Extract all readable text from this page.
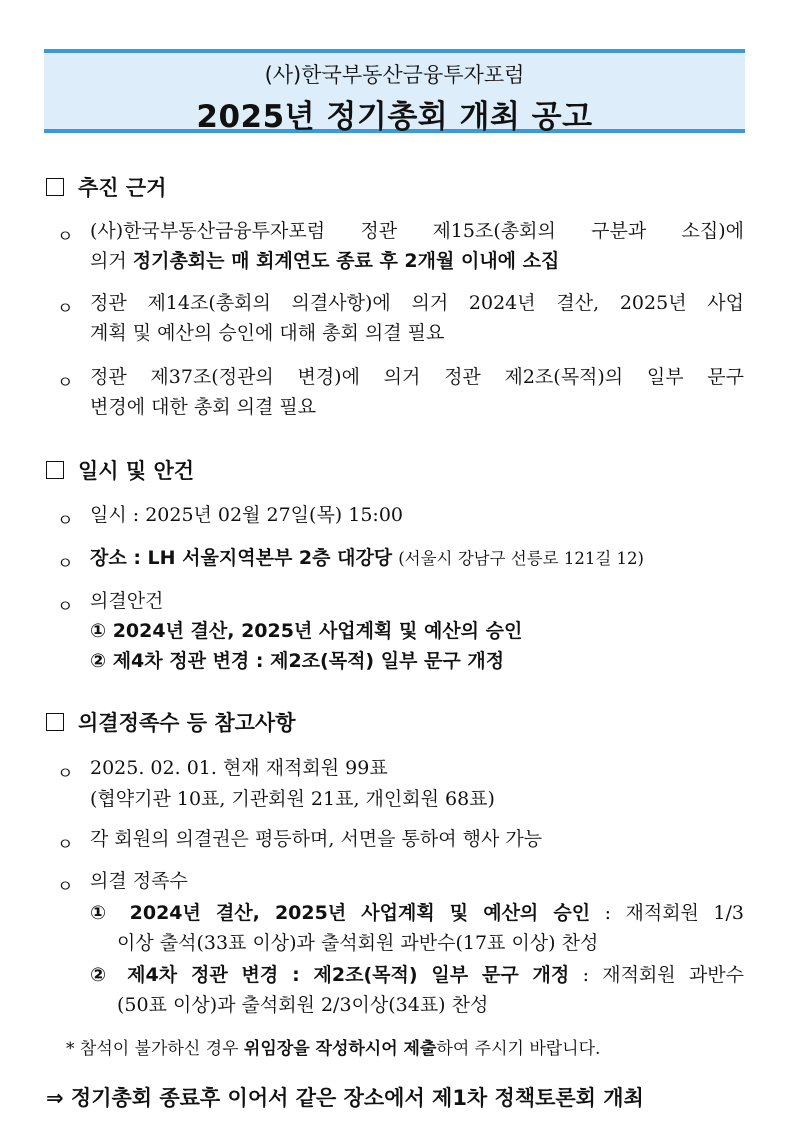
(사)한국부동산금융투자포럼
2025년 정기총회 개최 공고
추진 근거
ㅇ (사)한국부동산금융투자포럼 정관 제15조(총회의 구분과 소집)에
의거 정기총회는 매 회계연도 종료 후 2개월 이내에 소집
ㅇ 정관 제14조(총회의 의결사항)에 의거 2024년 결산, 2025년 사업
계획 및 예산의 승인에 대해 총회 의결 필요
ㅇ 정관 제37조(정관의 변경)에 의거 정관 제2조(목적)의 일부 문구
변경에 대한 총회 의결 필요
일시 및 안건
ㅇ 일시 : 2025년 02월 27일(목) 15:00
ㅇ 장소 : LH 서울지역본부 2층 대강당 (서울시 강남구 선릉로 121길 12)
ㅇ 의결안건
① 2024년 결산, 2025년 사업계획 및 예산의 승인
② 제4차 정관 변경 : 제2조(목적) 일부 문구 개정
의결정족수 등 참고사항
ㅇ 2025. 02. 01. 현재 재적회원 99표
(협약기관 10표, 기관회원 21표, 개인회원 68표)
ㅇ 각 회원의 의결권은 평등하며, 서면을 통하여 행사 가능
ㅇ 의결 정족수
① 2024년 결산, 2025년 사업계획 및 예산의 승인 : 재적회원 1/3
이상 출석(33표 이상)과 출석회원 과반수(17표 이상) 찬성
② 제4차 정관 변경 : 제2조(목적) 일부 문구 개정 : 재적회원 과반수
(50표 이상)과 출석회원 2/3이상(34표) 찬성
* 참석이 불가하신 경우 위임장을 작성하시어 제출하여 주시기 바랍니다.
⇒ 정기총회 종료후 이어서 같은 장소에서 제1차 정책토론회 개최
